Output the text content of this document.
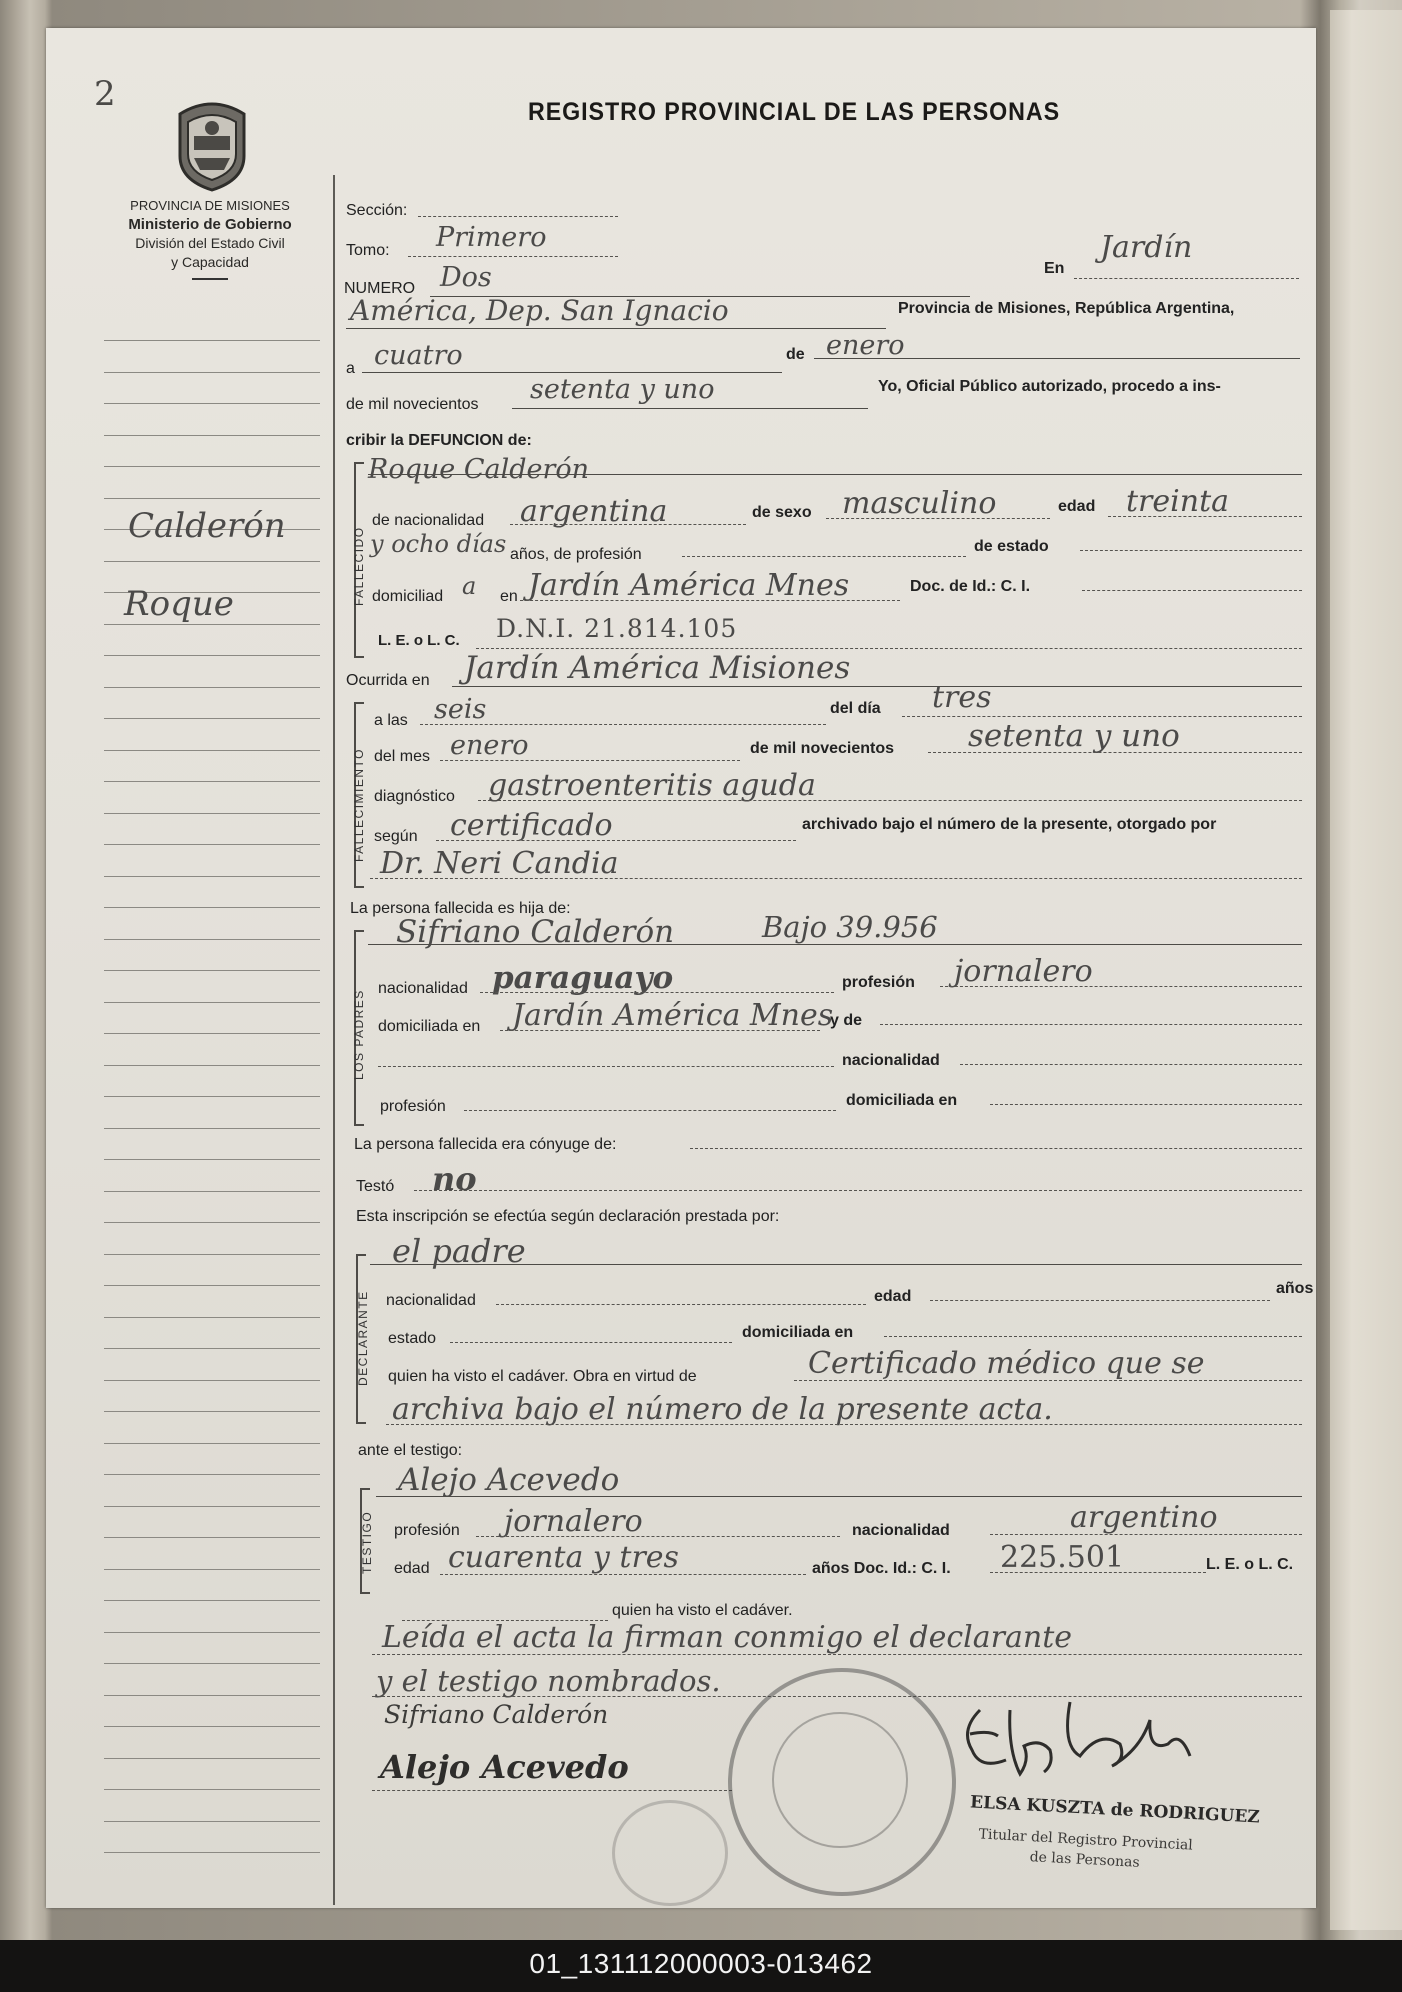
2	REGISTRO PROVINCIAL DE LAS PERSONAS
PROVINCIA DE MISIONES
Ministerio de Gobierno
División del Estado Civil
y Capacidad
Calderón
Roque
Sección:
Tomo: Primero
NUMERO Dos	En
Jardín
América, Dep. San Ignacio	Provincia de Misiones, República Argentina,
a cuatro	de enero
de mil novecientos setenta y uno	Yo, Oficial Público autorizado, procedo a ins-
cribir la DEFUNCION de:
FALLECIDO
Roque Calderón
de nacionalidad argentina	de sexo masculino	edad treinta
y ocho días años, de profesión	de estado
domiciliad a en Jardín América Mnes	Doc. de Id.: C. I.
L. E. o L. C. D.N.I. 21.814.105
Ocurrida en Jardín América Misiones
FALLECIMIENTO
a las seis	del día tres
del mes enero	de mil novecientos setenta y uno
diagnóstico gastroenteritis aguda
según certificado	archivado bajo el número de la presente, otorgado por
Dr. Neri Candia
La persona fallecida es hija de:
LOS PADRES
Sifriano Calderón	Bajo 39.956
nacionalidad paraguayo	profesión jornalero
domiciliada en Jardín América Mnes
y de
nacionalidad
profesión	domiciliada en
La persona fallecida era cónyuge de:
Testó no
Esta inscripción se efectúa según declaración prestada por:
DECLARANTE
el padre
nacionalidad	edad	años
estado	domiciliada en
quien ha visto el cadáver. Obra en virtud de	Certificado médico que se
archiva bajo el número de la presente acta.
ante el testigo:
TESTIGO
Alejo Acevedo
profesión jornalero	nacionalidad	argentino
edad cuarenta y tres	años Doc. Id.: C. I. 225.501	L. E. o L. C.
quien ha visto el cadáver.
Leída el acta la firman conmigo el declarante
y el testigo nombrados.
Sifriano Calderón
Alejo Acevedo
ELSA KUSZTA de RODRIGUEZ
Titular del Registro Provincial
de las Personas
01_131112000003-013462
